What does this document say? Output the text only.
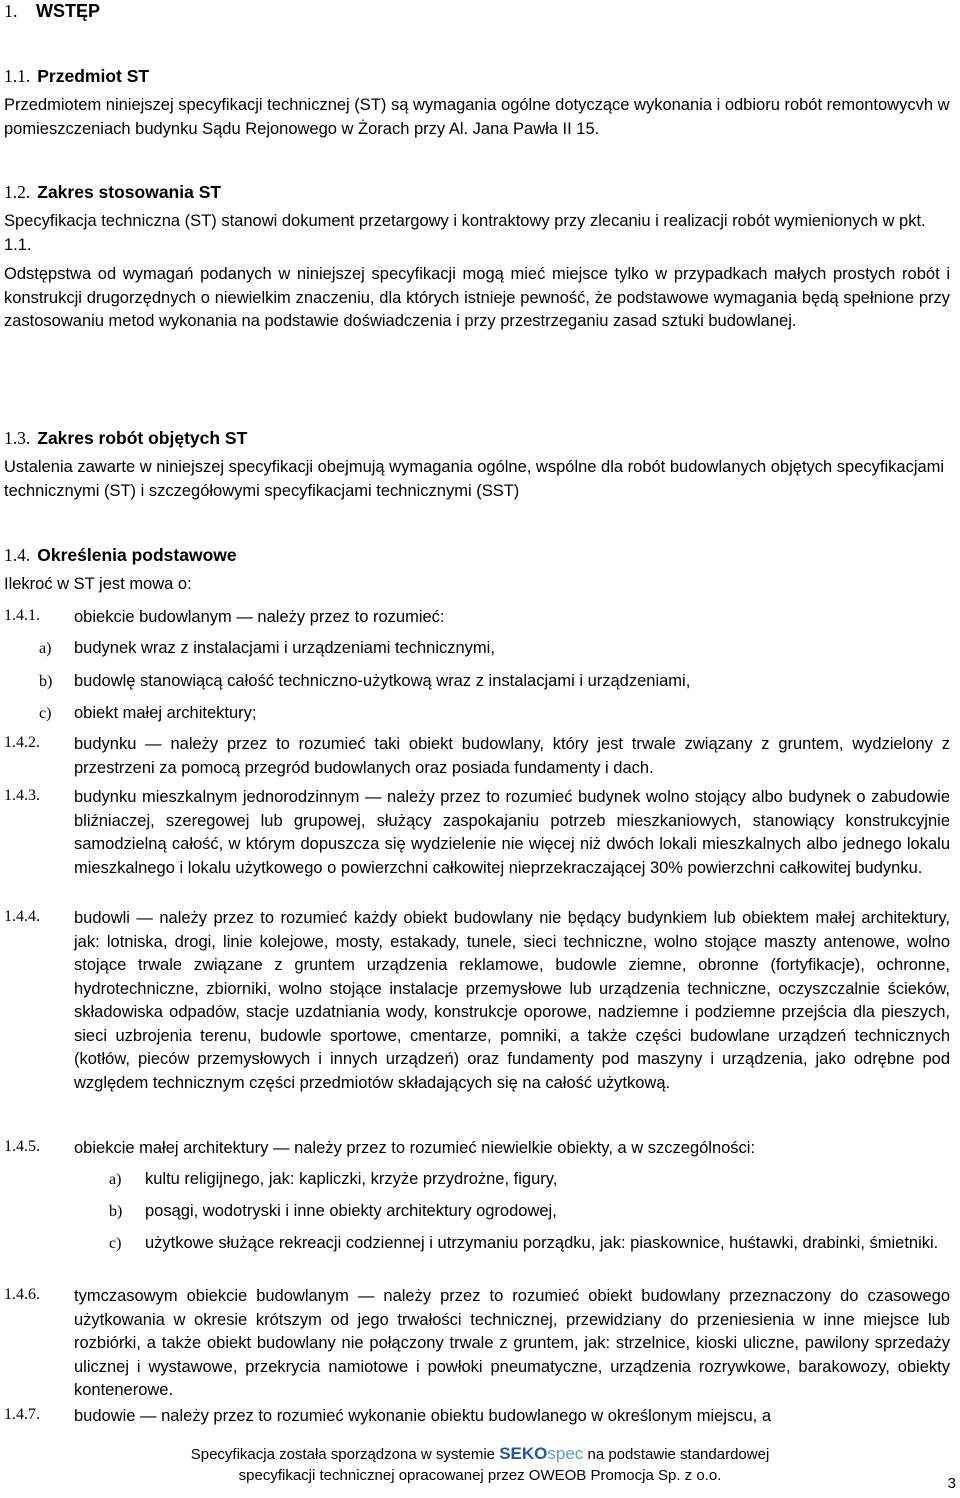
1. WSTĘP
1.1. Przedmiot ST
Przedmiotem niniejszej specyfikacji technicznej (ST) są wymagania ogólne dotyczące wykonania i odbioru robót remontowycvh w pomieszczeniach budynku Sądu Rejonowego w Żorach przy Al. Jana Pawła II 15.
1.2. Zakres stosowania ST
Specyfikacja techniczna (ST) stanowi dokument przetargowy i kontraktowy przy zlecaniu i realizacji robót wymienionych w pkt. 1.1.
Odstępstwa od wymagań podanych w niniejszej specyfikacji mogą mieć miejsce tylko w przypadkach małych prostych robót i konstrukcji drugorzędnych o niewielkim znaczeniu, dla których istnieje pewność, że podstawowe wymagania będą spełnione przy zastosowaniu metod wykonania na podstawie doświadczenia i przy przestrzeganiu zasad sztuki budowlanej.
1.3. Zakres robót objętych ST
Ustalenia zawarte w niniejszej specyfikacji obejmują wymagania ogólne, wspólne dla robót budowlanych objętych specyfikacjami technicznymi (ST) i szczegółowymi specyfikacjami technicznymi (SST)
1.4. Określenia podstawowe
Ilekroć w ST jest mowa o:
1.4.1. obiekcie budowlanym — należy przez to rozumieć:
a) budynek wraz z instalacjami i urządzeniami technicznymi,
b) budowlę stanowiącą całość techniczno-użytkową wraz z instalacjami i urządzeniami,
c) obiekt małej architektury;
1.4.2. budynku — należy przez to rozumieć taki obiekt budowlany, który jest trwale związany z gruntem, wydzielony z przestrzeni za pomocą przegród budowlanych oraz posiada fundamenty i dach.
1.4.3. budynku mieszkalnym jednorodzinnym — należy przez to rozumieć budynek wolno stojący albo budynek o zabudowie bliźniaczej, szeregowej lub grupowej, służący zaspokajaniu potrzeb mieszkaniowych, stanowiący konstrukcyjnie samodzielną całość, w którym dopuszcza się wydzielenie nie więcej niż dwóch lokali mieszkalnych albo jednego lokalu mieszkalnego i lokalu użytkowego o powierzchni całkowitej nieprzekraczającej 30% powierzchni całkowitej budynku.
1.4.4. budowli — należy przez to rozumieć każdy obiekt budowlany nie będący budynkiem lub obiektem małej architektury, jak: lotniska, drogi, linie kolejowe, mosty, estakady, tunele, sieci techniczne, wolno stojące maszty antenowe, wolno stojące trwale związane z gruntem urządzenia reklamowe, budowle ziemne, obronne (fortyfikacje), ochronne, hydrotechniczne, zbiorniki, wolno stojące instalacje przemysłowe lub urządzenia techniczne, oczyszczalnie ścieków, składowiska odpadów, stacje uzdatniania wody, konstrukcje oporowe, nadziemne i podziemne przejścia dla pieszych, sieci uzbrojenia terenu, budowle sportowe, cmentarze, pomniki, a także części budowlane urządzeń technicznych (kotłów, pieców przemysłowych i innych urządzeń) oraz fundamenty pod maszyny i urządzenia, jako odrębne pod względem technicznym części przedmiotów składających się na całość użytkową.
1.4.5. obiekcie małej architektury — należy przez to rozumieć niewielkie obiekty, a w szczególności:
a) kultu religijnego, jak: kapliczki, krzyże przydrożne, figury,
b) posągi, wodotryski i inne obiekty architektury ogrodowej,
c) użytkowe służące rekreacji codziennej i utrzymaniu porządku, jak: piaskownice, huśtawki, drabinki, śmietniki.
1.4.6. tymczasowym obiekcie budowlanym — należy przez to rozumieć obiekt budowlany przeznaczony do czasowego użytkowania w okresie krótszym od jego trwałości technicznej, przewidziany do przeniesienia w inne miejsce lub rozbiórki, a także obiekt budowlany nie połączony trwale z gruntem, jak: strzelnice, kioski uliczne, pawilony sprzedaży ulicznej i wystawowe, przekrycia namiotowe i powłoki pneumatyczne, urządzenia rozrywkowe, barakowozy, obiekty kontenerowe.
1.4.7. budowie — należy przez to rozumieć wykonanie obiektu budowlanego w określonym miejscu, a
Specyfikacja została sporządzona w systemie SEKOspec na podstawie standardowej
specyfikacji technicznej opracowanej przez OWEOB Promocja Sp. z o.o.	3
